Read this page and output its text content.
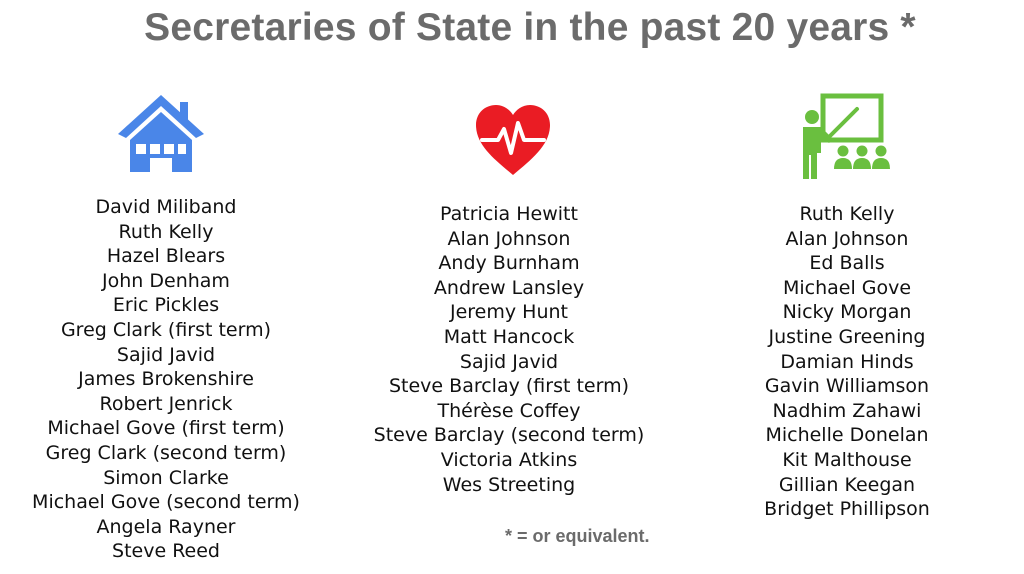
Secretaries of State in the past 20 years *
David Miliband
Ruth Kelly
Hazel Blears
John Denham
Eric Pickles
Greg Clark (first term)
Sajid Javid
James Brokenshire
Robert Jenrick
Michael Gove (first term)
Greg Clark (second term)
Simon Clarke
Michael Gove (second term)
Angela Rayner
Steve Reed
Patricia Hewitt
Alan Johnson
Andy Burnham
Andrew Lansley
Jeremy Hunt
Matt Hancock
Sajid Javid
Steve Barclay (first term)
Thérèse Coffey
Steve Barclay (second term)
Victoria Atkins
Wes Streeting
Ruth Kelly
Alan Johnson
Ed Balls
Michael Gove
Nicky Morgan
Justine Greening
Damian Hinds
Gavin Williamson
Nadhim Zahawi
Michelle Donelan
Kit Malthouse
Gillian Keegan
Bridget Phillipson
* = or equivalent.
